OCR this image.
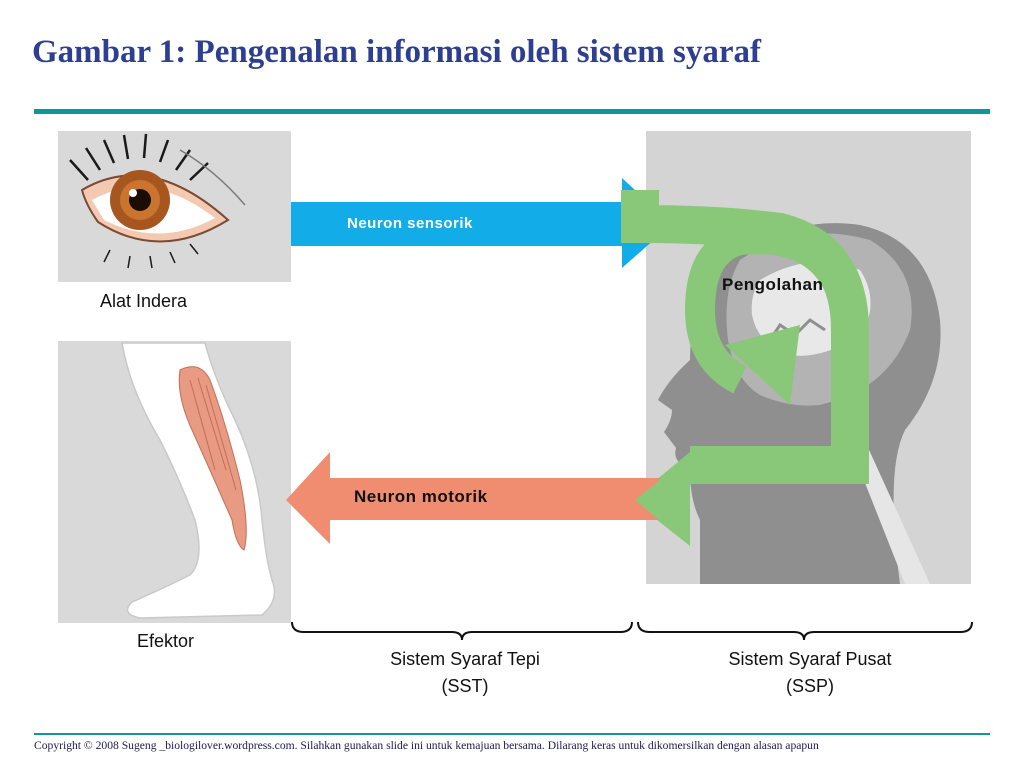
Gambar 1: Pengenalan informasi oleh sistem syaraf
Neuron sensorik
Neuron motorik
Pengolahan
Alat Indera
Efektor
Sistem Syaraf Tepi
(SST)
Sistem Syaraf Pusat
(SSP)
Copyright © 2008 Sugeng _biologilover.wordpress.com. Silahkan gunakan slide ini untuk kemajuan bersama. Dilarang keras untuk dikomersilkan dengan alasan apapun
